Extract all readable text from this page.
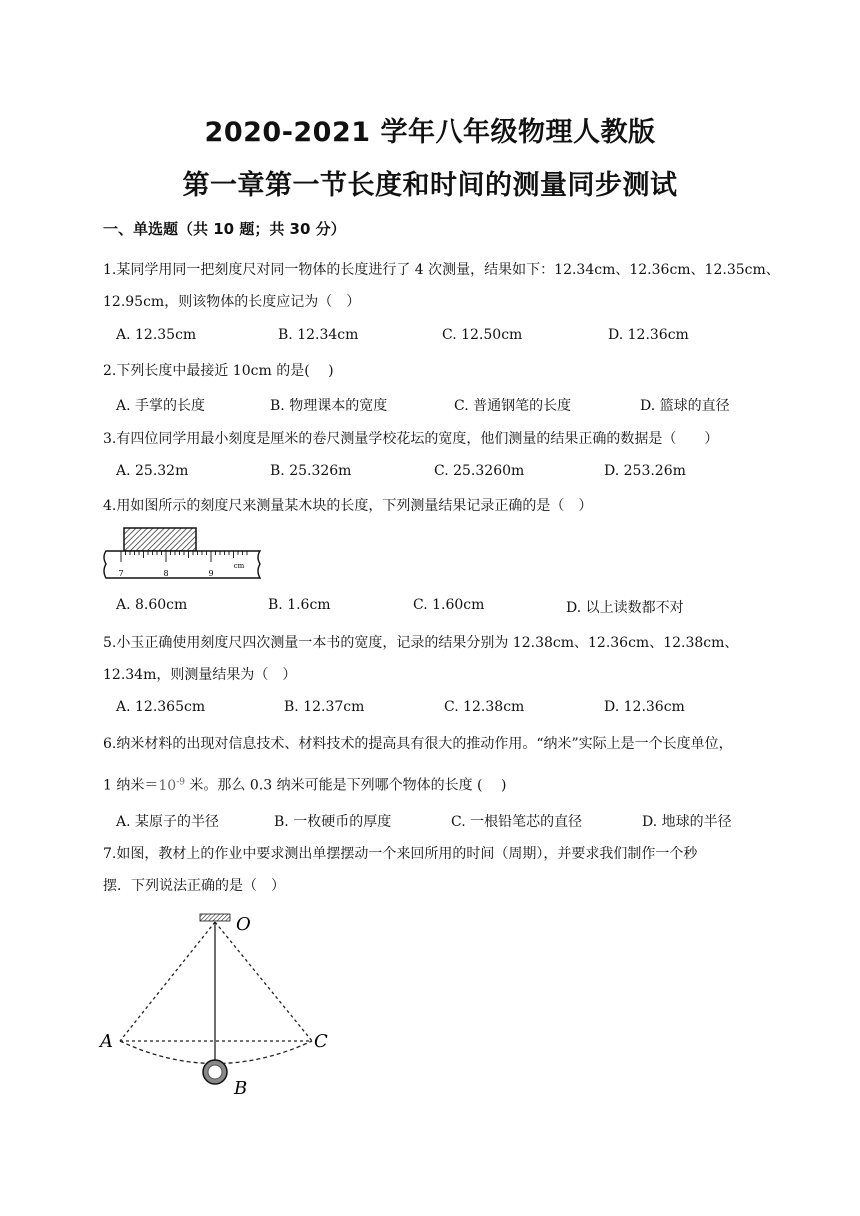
2020-2021 学年八年级物理人教版
第一章第一节长度和时间的测量同步测试
一、单选题（共 10 题；共 30 分）
1.某同学用同一把刻度尺对同一物体的长度进行了 4 次测量，结果如下：12.34cm、12.36cm、12.35cm、
12.95cm，则该物体的长度应记为（　）
A. 12.35cm	B. 12.34cm	C. 12.50cm	D. 12.36cm
2.下列长度中最接近 10cm 的是(　 )
A. 手掌的长度	B. 物理课本的宽度	C. 普通钢笔的长度	D. 篮球的直径
3.有四位同学用最小刻度是厘米的卷尺测量学校花坛的宽度，他们测量的结果正确的数据是（　　）
A. 25.32m	B. 25.326m	C. 25.3260m	D. 253.26m
4.用如图所示的刻度尺来测量某木块的长度，下列测量结果记录正确的是（　）
7	8	9
cm
A. 8.60cm	B. 1.6cm	C. 1.60cm	D. 以上读数都不对
5.小玉正确使用刻度尺四次测量一本书的宽度，记录的结果分别为 12.38cm、12.36cm、12.38cm、
12.34m，则测量结果为（　）
A. 12.365cm	B. 12.37cm	C. 12.38cm	D. 12.36cm
6.纳米材料的出现对信息技术、材料技术的提高具有很大的推动作用。“纳米”实际上是一个长度单位，
1 纳米$=10^{-9}$ 米。那么 0.3 纳米可能是下列哪个物体的长度 (　 )
A. 某原子的半径	B. 一枚硬币的厚度	C. 一根铅笔芯的直径	D. 地球的半径
7.如图，教材上的作业中要求测出单摆摆动一个来回所用的时间（周期），并要求我们制作一个秒
摆．下列说法正确的是（　）
O
A	C
B
